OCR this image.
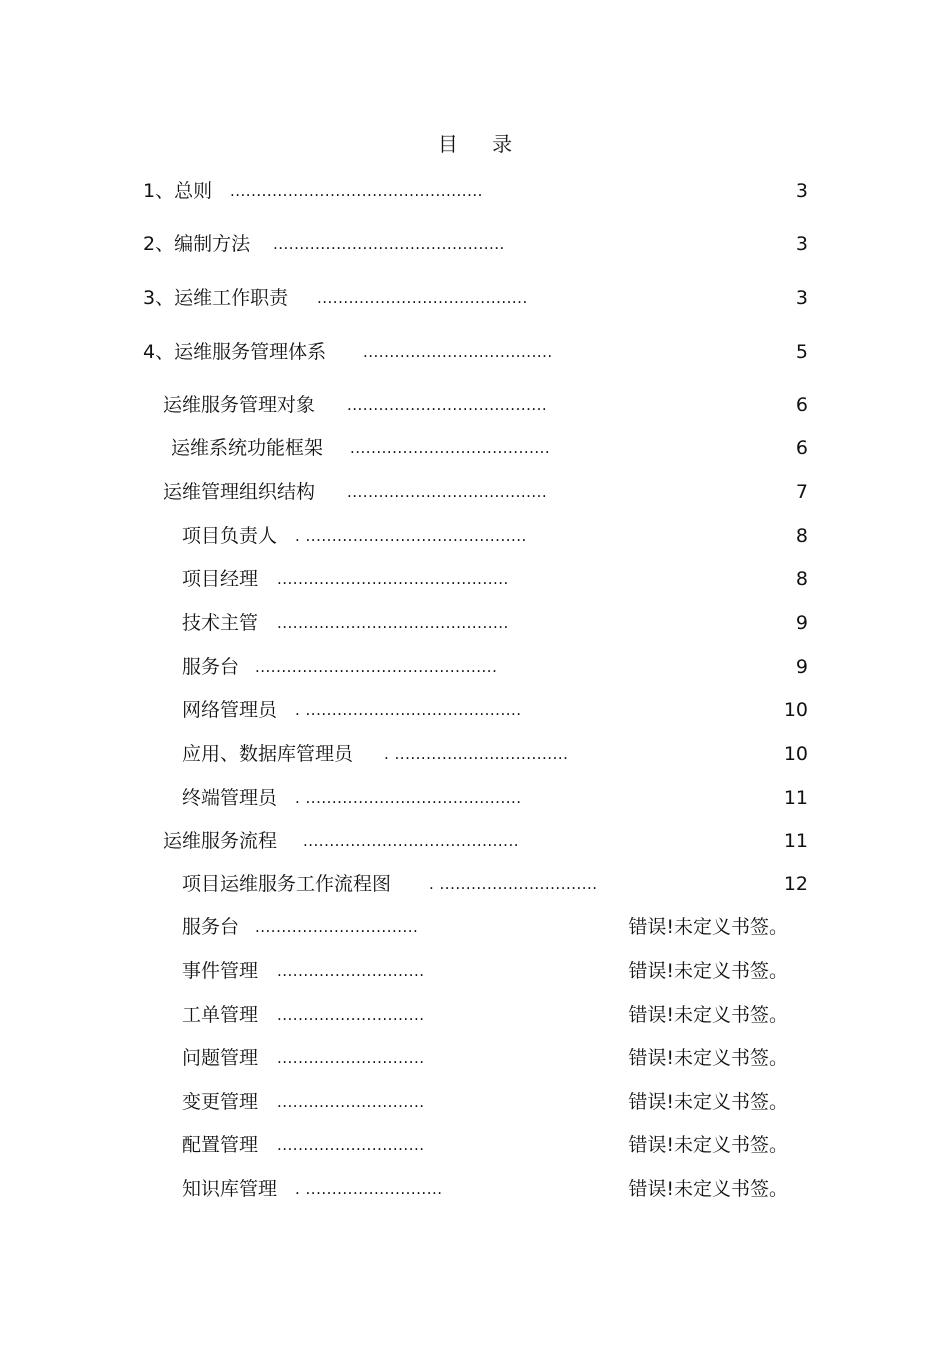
目 录
1、总则 ................................................	3
2、编制方法 ............................................	3
3、运维工作职责 ........................................	3
4、运维服务管理体系 ....................................	5
运维服务管理对象 ......................................	6
运维系统功能框架 ......................................	6
运维管理组织结构 ......................................	7
项目负责人 . ..........................................	8
项目经理 ............................................	8
技术主管 ............................................	9
服务台 ..............................................	9
网络管理员 . .........................................	10
应用、数据库管理员 . .................................	10
终端管理员 . .........................................	11
运维服务流程 .........................................	11
项目运维服务工作流程图	. ..............................	12
服务台 ...............................	错误!未定义书签。
事件管理 ............................	错误!未定义书签。
工单管理 ............................	错误!未定义书签。
问题管理 ............................	错误!未定义书签。
变更管理 ............................	错误!未定义书签。
配置管理 ............................	错误!未定义书签。
知识库管理 . ..........................	错误!未定义书签。
